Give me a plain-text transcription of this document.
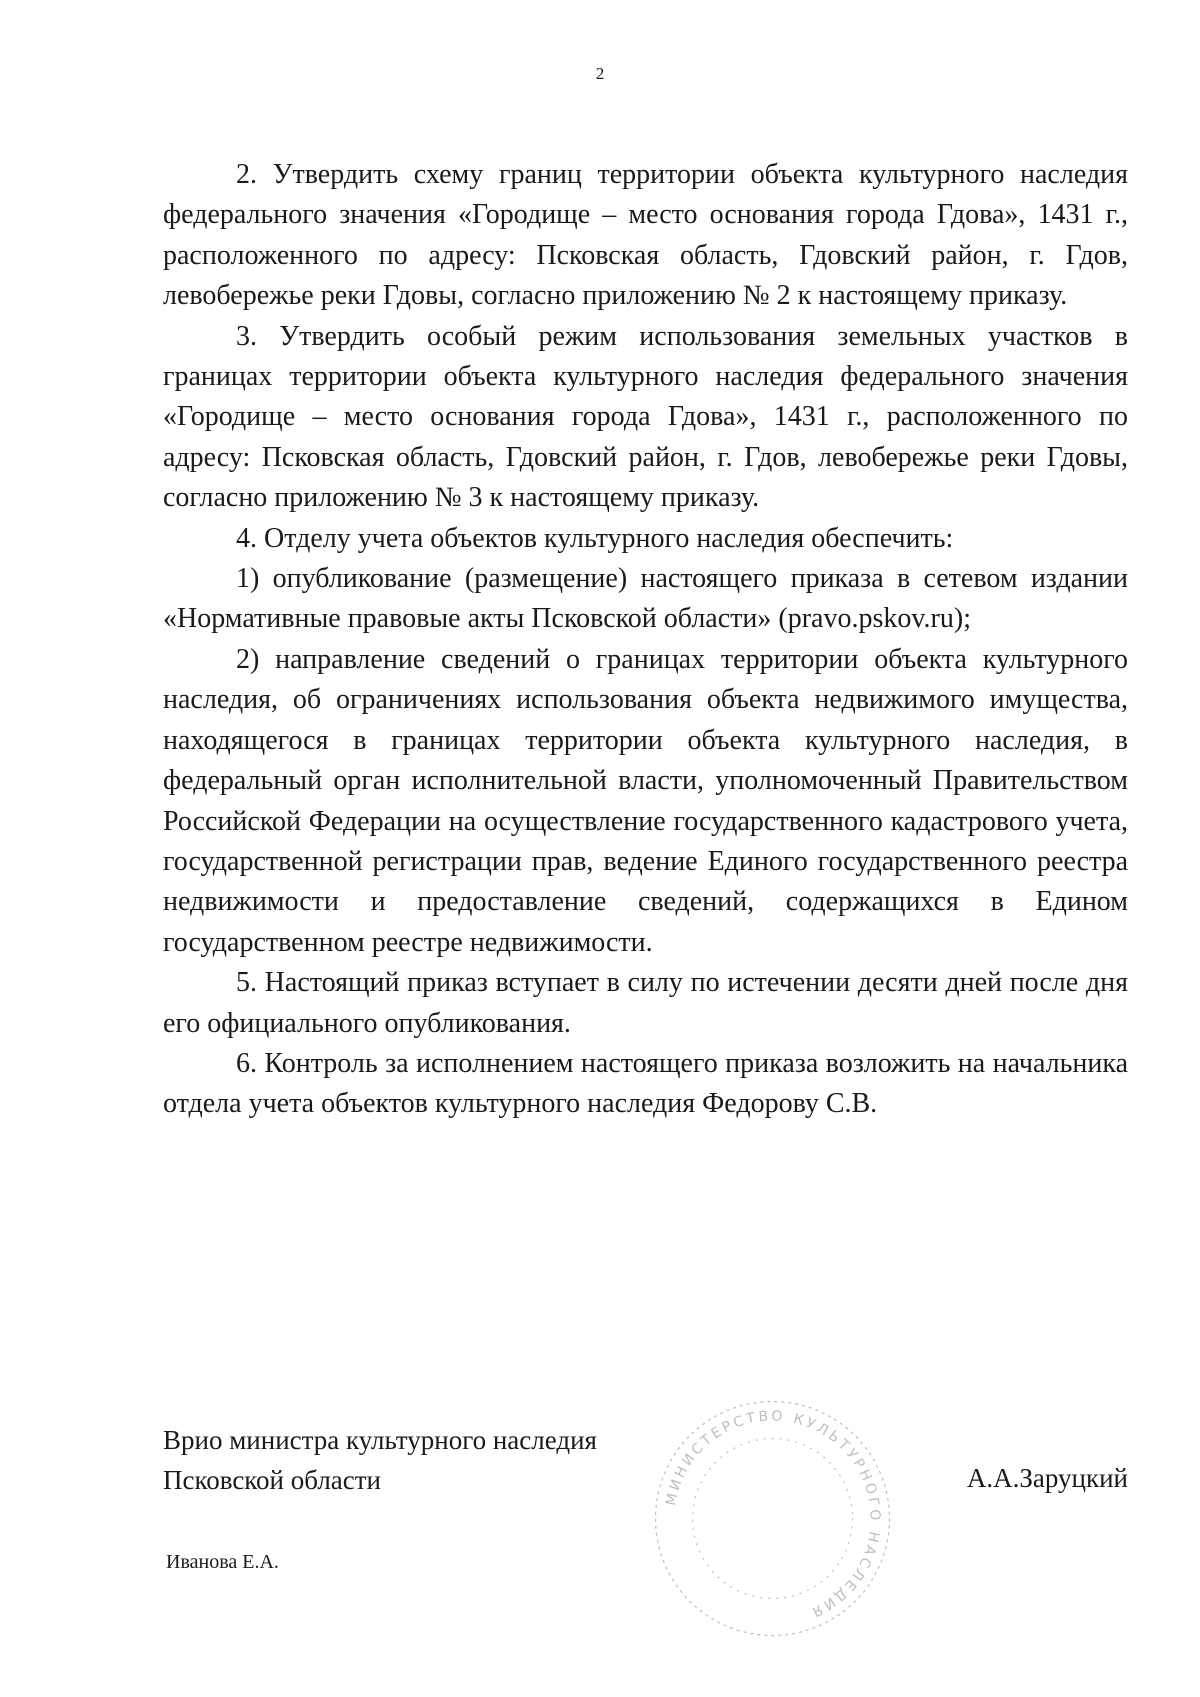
2

2. Утвердить схему границ территории объекта культурного наследия федерального значения «Городище – место основания города Гдова», 1431 г., расположенного по адресу: Псковская область, Гдовский район, г. Гдов, левобережье реки Гдовы, согласно приложению № 2 к настоящему приказу.

3. Утвердить особый режим использования земельных участков в границах территории объекта культурного наследия федерального значения «Городище – место основания города Гдова», 1431 г., расположенного по адресу: Псковская область, Гдовский район, г. Гдов, левобережье реки Гдовы, согласно приложению № 3 к настоящему приказу.

4. Отделу учета объектов культурного наследия обеспечить:

1) опубликование (размещение) настоящего приказа в сетевом издании «Нормативные правовые акты Псковской области» (pravo.pskov.ru);

2) направление сведений о границах территории объекта культурного наследия, об ограничениях использования объекта недвижимого имущества, находящегося в границах территории объекта культурного наследия, в федеральный орган исполнительной власти, уполномоченный Правительством Российской Федерации на осуществление государственного кадастрового учета, государственной регистрации прав, ведение Единого государственного реестра недвижимости и предоставление сведений, содержащихся в Едином государственном реестре недвижимости.

5. Настоящий приказ вступает в силу по истечении десяти дней после дня его официального опубликования.

6. Контроль за исполнением настоящего приказа возложить на начальника отдела учета объектов культурного наследия Федорову С.В.

Врио министра культурного наследия
Псковской области	А.А.Заруцкий
Иванова Е.А.
МИНИСТЕРСТВО КУЛЬТУРНОГО НАСЛЕДИЯ
